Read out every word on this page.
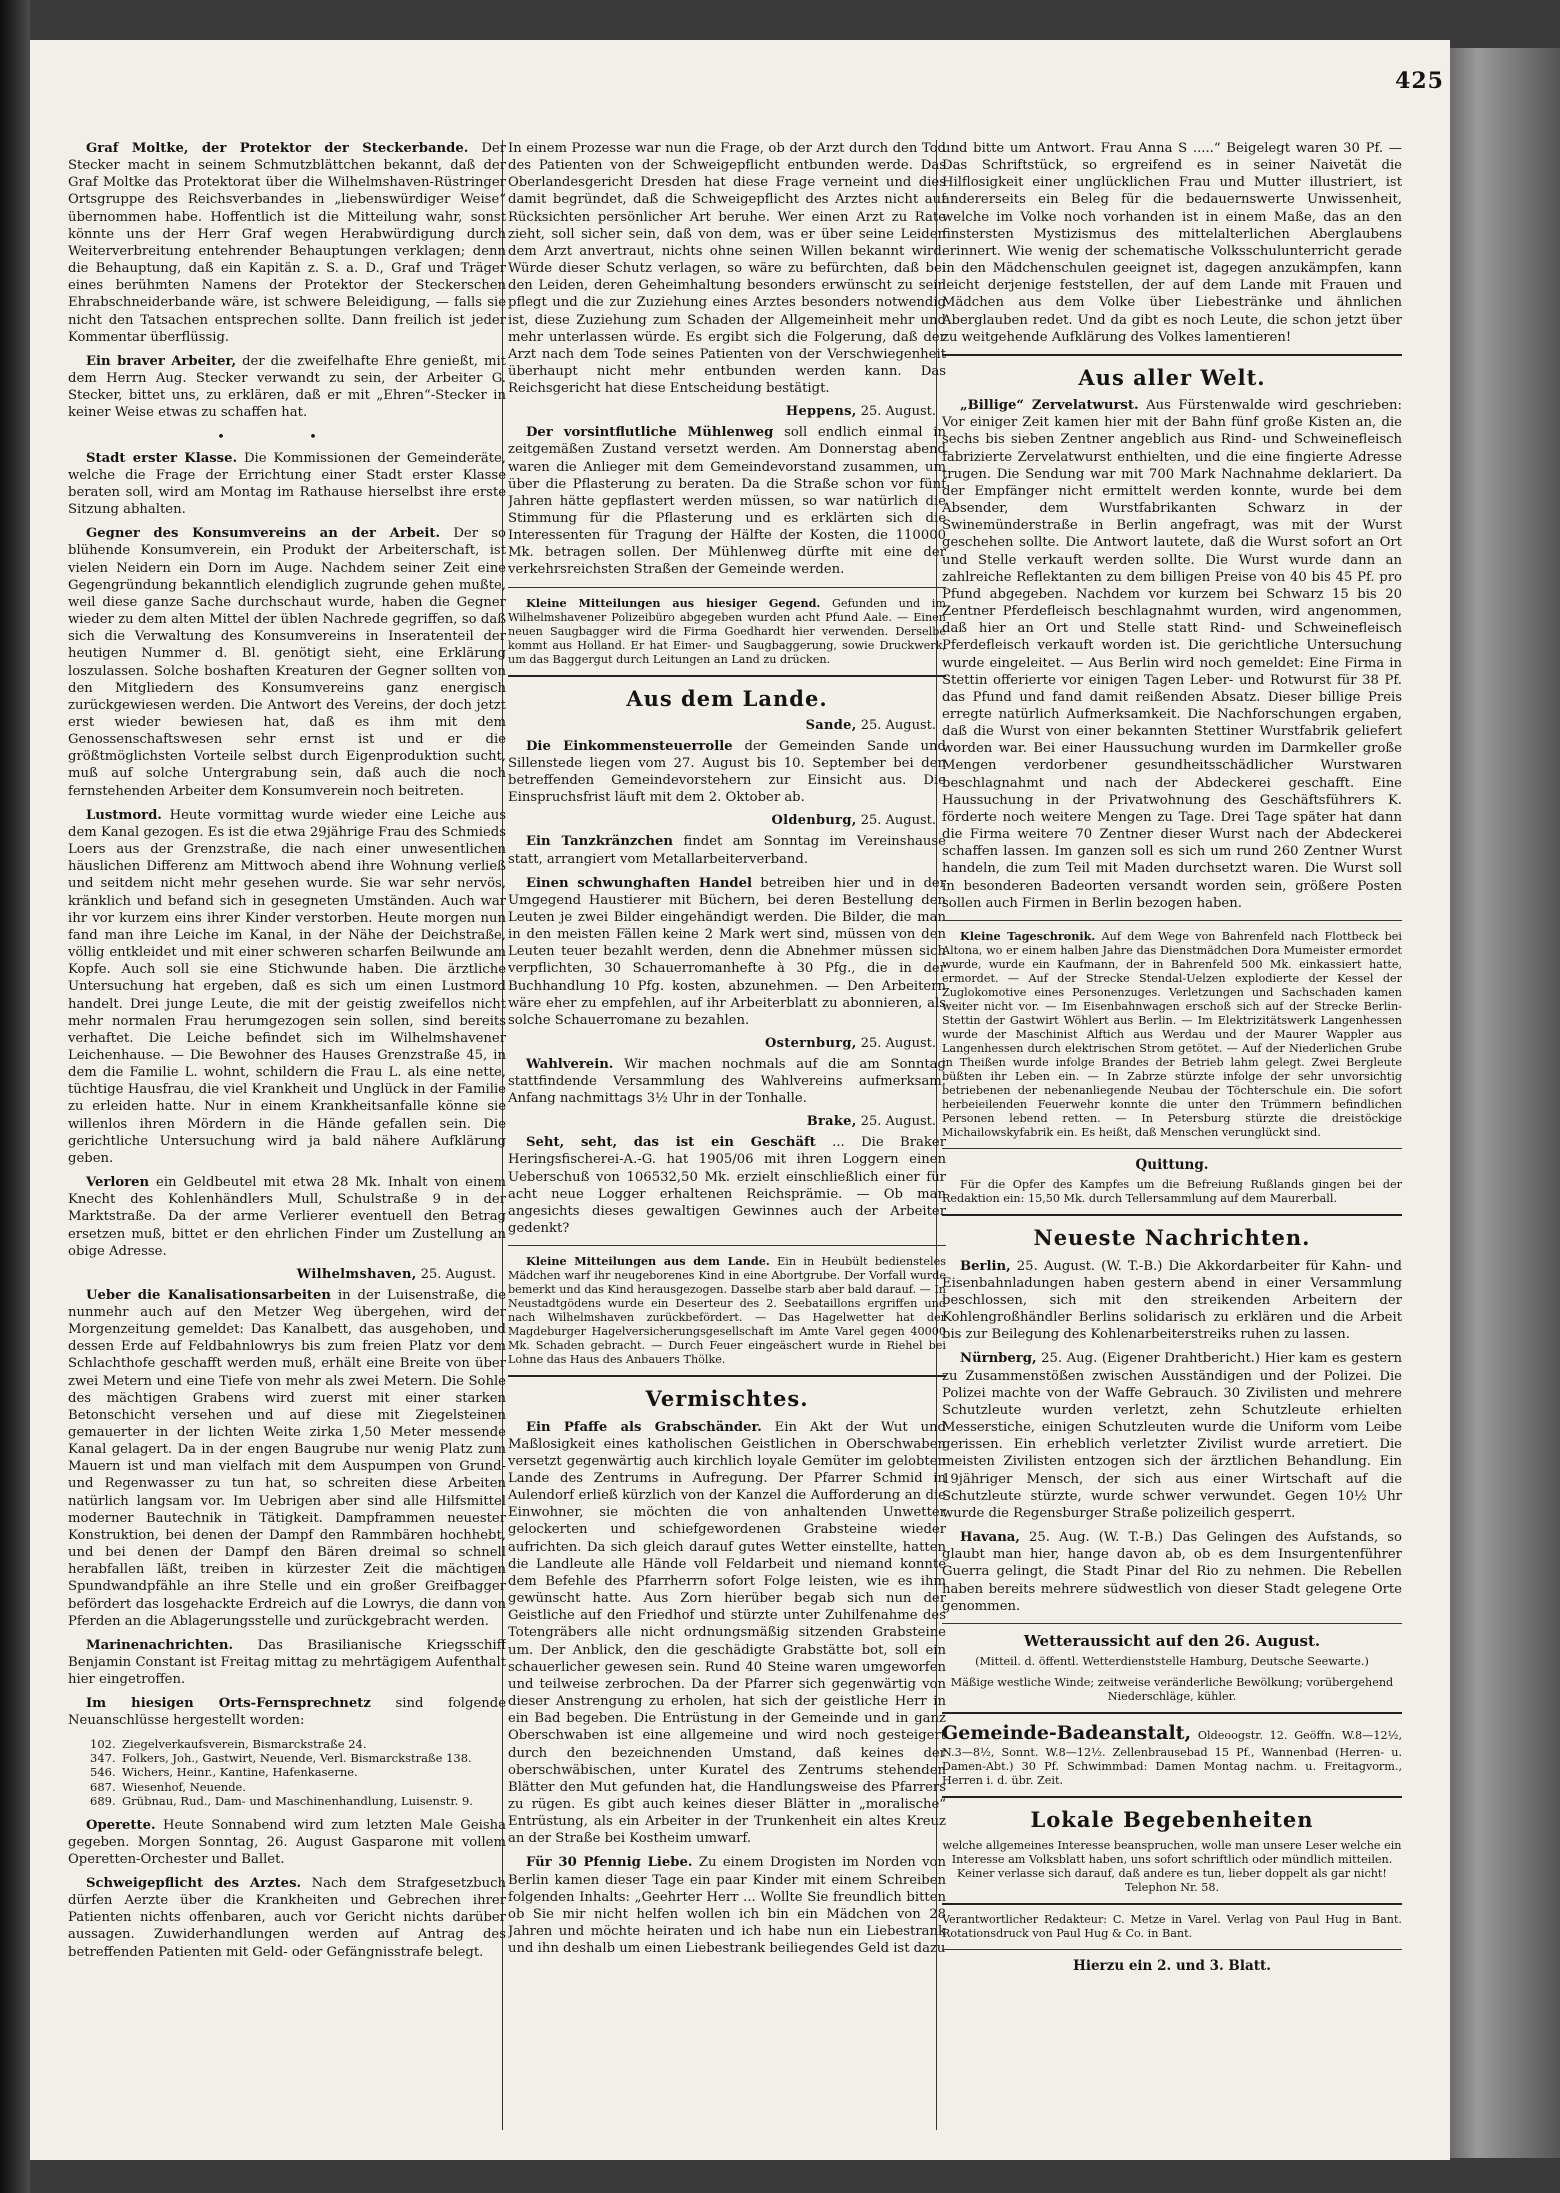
425

Graf Moltke, der Protektor der Steckerbande. Der Stecker macht in seinem Schmutzblättchen bekannt, daß der Graf Moltke das Protektorat über die Wilhelmshaven-Rüstringer Ortsgruppe des Reichsverbandes in „liebenswürdiger Weise“ übernommen habe. Hoffentlich ist die Mitteilung wahr, sonst könnte uns der Herr Graf wegen Herabwürdigung durch Weiterverbreitung entehrender Behauptungen verklagen; denn die Behauptung, daß ein Kapitän z. S. a. D., Graf und Träger eines berühmten Namens der Protektor der Steckerschen Ehrabschneiderbande wäre, ist schwere Beleidigung, — falls sie nicht den Tatsachen entsprechen sollte. Dann freilich ist jeder Kommentar überflüssig.

Ein braver Arbeiter, der die zweifelhafte Ehre genießt, mit dem Herrn Aug. Stecker verwandt zu sein, der Arbeiter G. Stecker, bittet uns, zu erklären, daß er mit „Ehren“-Stecker in keiner Weise etwas zu schaffen hat.

• •

Stadt erster Klasse. Die Kommissionen der Gemeinderäte, welche die Frage der Errichtung einer Stadt erster Klasse beraten soll, wird am Montag im Rathause hierselbst ihre erste Sitzung abhalten.

Gegner des Konsumvereins an der Arbeit. Der so blühende Konsumverein, ein Produkt der Arbeiterschaft, ist vielen Neidern ein Dorn im Auge. Nachdem seiner Zeit eine Gegengründung bekanntlich elendiglich zugrunde gehen mußte, weil diese ganze Sache durchschaut wurde, haben die Gegner wieder zu dem alten Mittel der üblen Nachrede gegriffen, so daß sich die Verwaltung des Konsumvereins in Inseratenteil der heutigen Nummer d. Bl. genötigt sieht, eine Erklärung loszulassen. Solche boshaften Kreaturen der Gegner sollten von den Mitgliedern des Konsumvereins ganz energisch zurückgewiesen werden. Die Antwort des Vereins, der doch jetzt erst wieder bewiesen hat, daß es ihm mit dem Genossenschaftswesen sehr ernst ist und er die größtmöglichsten Vorteile selbst durch Eigenproduktion sucht, muß auf solche Untergrabung sein, daß auch die noch fernstehenden Arbeiter dem Konsumverein noch beitreten.

Lustmord. Heute vormittag wurde wieder eine Leiche aus dem Kanal gezogen. Es ist die etwa 29jährige Frau des Schmieds Loers aus der Grenzstraße, die nach einer unwesentlichen häuslichen Differenz am Mittwoch abend ihre Wohnung verließ und seitdem nicht mehr gesehen wurde. Sie war sehr nervös, kränklich und befand sich in gesegneten Umständen. Auch war ihr vor kurzem eins ihrer Kinder verstorben. Heute morgen nun fand man ihre Leiche im Kanal, in der Nähe der Deichstraße, völlig entkleidet und mit einer schweren scharfen Beilwunde am Kopfe. Auch soll sie eine Stichwunde haben. Die ärztliche Untersuchung hat ergeben, daß es sich um einen Lustmord handelt. Drei junge Leute, die mit der geistig zweifellos nicht mehr normalen Frau herumgezogen sein sollen, sind bereits verhaftet. Die Leiche befindet sich im Wilhelmshavener Leichenhause. — Die Bewohner des Hauses Grenzstraße 45, in dem die Familie L. wohnt, schildern die Frau L. als eine nette, tüchtige Hausfrau, die viel Krankheit und Unglück in der Familie zu erleiden hatte. Nur in einem Krankheitsanfalle könne sie willenlos ihren Mördern in die Hände gefallen sein. Die gerichtliche Untersuchung wird ja bald nähere Aufklärung geben.

Verloren ein Geldbeutel mit etwa 28 Mk. Inhalt von einem Knecht des Kohlenhändlers Mull, Schulstraße 9 in der Marktstraße. Da der arme Verlierer eventuell den Betrag ersetzen muß, bittet er den ehrlichen Finder um Zustellung an obige Adresse.

Wilhelmshaven, 25. August.

Ueber die Kanalisationsarbeiten in der Luisenstraße, die nunmehr auch auf den Metzer Weg übergehen, wird der Morgenzeitung gemeldet: Das Kanalbett, das ausgehoben, und dessen Erde auf Feldbahnlowrys bis zum freien Platz vor dem Schlachthofe geschafft werden muß, erhält eine Breite von über zwei Metern und eine Tiefe von mehr als zwei Metern. Die Sohle des mächtigen Grabens wird zuerst mit einer starken Betonschicht versehen und auf diese mit Ziegelsteinen gemauerter in der lichten Weite zirka 1,50 Meter messende Kanal gelagert. Da in der engen Baugrube nur wenig Platz zum Mauern ist und man vielfach mit dem Auspumpen von Grund- und Regenwasser zu tun hat, so schreiten diese Arbeiten natürlich langsam vor. Im Uebrigen aber sind alle Hilfsmittel moderner Bautechnik in Tätigkeit. Dampframmen neuester Konstruktion, bei denen der Dampf den Rammbären hochhebt, und bei denen der Dampf den Bären dreimal so schnell herabfallen läßt, treiben in kürzester Zeit die mächtigen Spundwandpfähle an ihre Stelle und ein großer Greifbagger befördert das losgehackte Erdreich auf die Lowrys, die dann von Pferden an die Ablagerungsstelle und zurückgebracht werden.

Marinenachrichten. Das Brasilianische Kriegsschiff Benjamin Constant ist Freitag mittag zu mehrtägigem Aufenthalt hier eingetroffen.

Im hiesigen Orts-Fernsprechnetz sind folgende Neuanschlüsse hergestellt worden:

102. Ziegelverkaufsverein, Bismarckstraße 24.
347. Folkers, Joh., Gastwirt, Neuende, Verl. Bismarckstraße 138.
546. Wichers, Heinr., Kantine, Hafenkaserne.
687. Wiesenhof, Neuende.
689. Grübnau, Rud., Dam- und Maschinenhandlung, Luisenstr. 9.

Operette. Heute Sonnabend wird zum letzten Male Geisha gegeben. Morgen Sonntag, 26. August Gasparone mit vollem Operetten-Orchester und Ballet.

Schweigepflicht des Arztes. Nach dem Strafgesetzbuch dürfen Aerzte über die Krankheiten und Gebrechen ihrer Patienten nichts offenbaren, auch vor Gericht nichts darüber aussagen. Zuwiderhandlungen werden auf Antrag des betreffenden Patienten mit Geld- oder Gefängnisstrafe belegt.

In einem Prozesse war nun die Frage, ob der Arzt durch den Tod des Patienten von der Schweigepflicht entbunden werde. Das Oberlandesgericht Dresden hat diese Frage verneint und dies damit begründet, daß die Schweigepflicht des Arztes nicht auf Rücksichten persönlicher Art beruhe. Wer einen Arzt zu Rate zieht, soll sicher sein, daß von dem, was er über seine Leiden dem Arzt anvertraut, nichts ohne seinen Willen bekannt wird. Würde dieser Schutz verlagen, so wäre zu befürchten, daß bei den Leiden, deren Geheimhaltung besonders erwünscht zu sein pflegt und die zur Zuziehung eines Arztes besonders notwendig ist, diese Zuziehung zum Schaden der Allgemeinheit mehr und mehr unterlassen würde. Es ergibt sich die Folgerung, daß der Arzt nach dem Tode seines Patienten von der Verschwiegenheit überhaupt nicht mehr entbunden werden kann. Das Reichsgericht hat diese Entscheidung bestätigt.

Heppens, 25. August.

Der vorsintflutliche Mühlenweg soll endlich einmal in zeitgemäßen Zustand versetzt werden. Am Donnerstag abend waren die Anlieger mit dem Gemeindevorstand zusammen, um über die Pflasterung zu beraten. Da die Straße schon vor fünf Jahren hätte gepflastert werden müssen, so war natürlich die Stimmung für die Pflasterung und es erklärten sich die Interessenten für Tragung der Hälfte der Kosten, die 110000 Mk. betragen sollen. Der Mühlenweg dürfte mit eine der verkehrsreichsten Straßen der Gemeinde werden.

Kleine Mitteilungen aus hiesiger Gegend. Gefunden und im Wilhelmshavener Polizeibüro abgegeben wurden acht Pfund Aale. — Einen neuen Saugbagger wird die Firma Goedhardt hier verwenden. Derselbe kommt aus Holland. Er hat Eimer- und Saugbaggerung, sowie Druckwerk, um das Baggergut durch Leitungen an Land zu drücken.

Aus dem Lande.

Sande, 25. August.

Die Einkommensteuerrolle der Gemeinden Sande und Sillenstede liegen vom 27. August bis 10. September bei den betreffenden Gemeindevorstehern zur Einsicht aus. Die Einspruchsfrist läuft mit dem 2. Oktober ab.

Oldenburg, 25. August.

Ein Tanzkränzchen findet am Sonntag im Vereinshause statt, arrangiert vom Metallarbeiterverband.

Einen schwunghaften Handel betreiben hier und in der Umgegend Haustierer mit Büchern, bei deren Bestellung den Leuten je zwei Bilder eingehändigt werden. Die Bilder, die man in den meisten Fällen keine 2 Mark wert sind, müssen von den Leuten teuer bezahlt werden, denn die Abnehmer müssen sich verpflichten, 30 Schauerromanhefte à 30 Pfg., die in der Buchhandlung 10 Pfg. kosten, abzunehmen. — Den Arbeitern wäre eher zu empfehlen, auf ihr Arbeiterblatt zu abonnieren, als solche Schauerromane zu bezahlen.

Osternburg, 25. August.

Wahlverein. Wir machen nochmals auf die am Sonntag stattfindende Versammlung des Wahlvereins aufmerksam. Anfang nachmittags 3½ Uhr in der Tonhalle.

Brake, 25. August.

Seht, seht, das ist ein Geschäft ... Die Braker Heringsfischerei-A.-G. hat 1905/06 mit ihren Loggern einen Ueberschuß von 106532,50 Mk. erzielt einschließlich einer für acht neue Logger erhaltenen Reichsprämie. — Ob man angesichts dieses gewaltigen Gewinnes auch der Arbeiter gedenkt?

Kleine Mitteilungen aus dem Lande. Ein in Heubült bediensteles Mädchen warf ihr neugeborenes Kind in eine Abortgrube. Der Vorfall wurde bemerkt und das Kind herausgezogen. Dasselbe starb aber bald darauf. — In Neustadtgödens wurde ein Deserteur des 2. Seebataillons ergriffen und nach Wilhelmshaven zurückbefördert. — Das Hagelwetter hat der Magdeburger Hagelversicherungsgesellschaft im Amte Varel gegen 40000 Mk. Schaden gebracht. — Durch Feuer eingeäschert wurde in Riehel bei Lohne das Haus des Anbauers Thölke.

Vermischtes.

Ein Pfaffe als Grabschänder. Ein Akt der Wut und Maßlosigkeit eines katholischen Geistlichen in Oberschwaben versetzt gegenwärtig auch kirchlich loyale Gemüter im gelobten Lande des Zentrums in Aufregung. Der Pfarrer Schmid in Aulendorf erließ kürzlich von der Kanzel die Aufforderung an die Einwohner, sie möchten die von anhaltenden Unwetter gelockerten und schiefgewordenen Grabsteine wieder aufrichten. Da sich gleich darauf gutes Wetter einstellte, hatten die Landleute alle Hände voll Feldarbeit und niemand konnte dem Befehle des Pfarrherrn sofort Folge leisten, wie es ihm gewünscht hatte. Aus Zorn hierüber begab sich nun der Geistliche auf den Friedhof und stürzte unter Zuhilfenahme des Totengräbers alle nicht ordnungsmäßig sitzenden Grabsteine um. Der Anblick, den die geschädigte Grabstätte bot, soll ein schauerlicher gewesen sein. Rund 40 Steine waren umgeworfen und teilweise zerbrochen. Da der Pfarrer sich gegenwärtig von dieser Anstrengung zu erholen, hat sich der geistliche Herr in ein Bad begeben. Die Entrüstung in der Gemeinde und in ganz Oberschwaben ist eine allgemeine und wird noch gesteigert durch den bezeichnenden Umstand, daß keines der oberschwäbischen, unter Kuratel des Zentrums stehenden Blätter den Mut gefunden hat, die Handlungsweise des Pfarrers zu rügen. Es gibt auch keines dieser Blätter in „moralische“ Entrüstung, als ein Arbeiter in der Trunkenheit ein altes Kreuz an der Straße bei Kostheim umwarf.

Für 30 Pfennig Liebe. Zu einem Drogisten im Norden von Berlin kamen dieser Tage ein paar Kinder mit einem Schreiben folgenden Inhalts: „Geehrter Herr ... Wollte Sie freundlich bitten ob Sie mir nicht helfen wollen ich bin ein Mädchen von 28 Jahren und möchte heiraten und ich habe nun ein Liebestrank und ihn deshalb um einen Liebestrank beiliegendes Geld ist dazu

und bitte um Antwort. Frau Anna S .....“ Beigelegt waren 30 Pf. — Das Schriftstück, so ergreifend es in seiner Naivetät die Hilflosigkeit einer unglücklichen Frau und Mutter illustriert, ist andererseits ein Beleg für die bedauernswerte Unwissenheit, welche im Volke noch vorhanden ist in einem Maße, das an den finstersten Mystizismus des mittelalterlichen Aberglaubens erinnert. Wie wenig der schematische Volksschulunterricht gerade in den Mädchenschulen geeignet ist, dagegen anzukämpfen, kann leicht derjenige feststellen, der auf dem Lande mit Frauen und Mädchen aus dem Volke über Liebestränke und ähnlichen Aberglauben redet. Und da gibt es noch Leute, die schon jetzt über zu weitgehende Aufklärung des Volkes lamentieren!

Aus aller Welt.

„Billige“ Zervelatwurst. Aus Fürstenwalde wird geschrieben: Vor einiger Zeit kamen hier mit der Bahn fünf große Kisten an, die sechs bis sieben Zentner angeblich aus Rind- und Schweinefleisch fabrizierte Zervelatwurst enthielten, und die eine fingierte Adresse trugen. Die Sendung war mit 700 Mark Nachnahme deklariert. Da der Empfänger nicht ermittelt werden konnte, wurde bei dem Absender, dem Wurstfabrikanten Schwarz in der Swinemünderstraße in Berlin angefragt, was mit der Wurst geschehen sollte. Die Antwort lautete, daß die Wurst sofort an Ort und Stelle verkauft werden sollte. Die Wurst wurde dann an zahlreiche Reflektanten zu dem billigen Preise von 40 bis 45 Pf. pro Pfund abgegeben. Nachdem vor kurzem bei Schwarz 15 bis 20 Zentner Pferdefleisch beschlagnahmt wurden, wird angenommen, daß hier an Ort und Stelle statt Rind- und Schweinefleisch Pferdefleisch verkauft worden ist. Die gerichtliche Untersuchung wurde eingeleitet. — Aus Berlin wird noch gemeldet: Eine Firma in Stettin offerierte vor einigen Tagen Leber- und Rotwurst für 38 Pf. das Pfund und fand damit reißenden Absatz. Dieser billige Preis erregte natürlich Aufmerksamkeit. Die Nachforschungen ergaben, daß die Wurst von einer bekannten Stettiner Wurstfabrik geliefert worden war. Bei einer Haussuchung wurden im Darmkeller große Mengen verdorbener gesundheitsschädlicher Wurstwaren beschlagnahmt und nach der Abdeckerei geschafft. Eine Haussuchung in der Privatwohnung des Geschäftsführers K. förderte noch weitere Mengen zu Tage. Drei Tage später hat dann die Firma weitere 70 Zentner dieser Wurst nach der Abdeckerei schaffen lassen. Im ganzen soll es sich um rund 260 Zentner Wurst handeln, die zum Teil mit Maden durchsetzt waren. Die Wurst soll in besonderen Badeorten versandt worden sein, größere Posten sollen auch Firmen in Berlin bezogen haben.

Kleine Tageschronik. Auf dem Wege von Bahrenfeld nach Flottbeck bei Altona, wo er einem halben Jahre das Dienstmädchen Dora Mumeister ermordet wurde, wurde ein Kaufmann, der in Bahrenfeld 500 Mk. einkassiert hatte, ermordet. — Auf der Strecke Stendal-Uelzen explodierte der Kessel der Zuglokomotive eines Personenzuges. Verletzungen und Sachschaden kamen weiter nicht vor. — Im Eisenbahnwagen erschoß sich auf der Strecke Berlin-Stettin der Gastwirt Wöhlert aus Berlin. — Im Elektrizitätswerk Langenhessen wurde der Maschinist Alftich aus Werdau und der Maurer Wappler aus Langenhessen durch elektrischen Strom getötet. — Auf der Niederlichen Grube in Theißen wurde infolge Brandes der Betrieb lahm gelegt. Zwei Bergleute büßten ihr Leben ein. — In Zabrze stürzte infolge der sehr unvorsichtig betriebenen der nebenanliegende Neubau der Töchterschule ein. Die sofort herbeieilenden Feuerwehr konnte die unter den Trümmern befindlichen Personen lebend retten. — In Petersburg stürzte die dreistöckige Michailowskyfabrik ein. Es heißt, daß Menschen verunglückt sind.

Quittung.

Für die Opfer des Kampfes um die Befreiung Rußlands gingen bei der Redaktion ein: 15,50 Mk. durch Tellersammlung auf dem Maurerball.

Neueste Nachrichten.

Berlin, 25. August. (W. T.-B.) Die Akkordarbeiter für Kahn- und Eisenbahnladungen haben gestern abend in einer Versammlung beschlossen, sich mit den streikenden Arbeitern der Kohlengroßhändler Berlins solidarisch zu erklären und die Arbeit bis zur Beilegung des Kohlenarbeiterstreiks ruhen zu lassen.

Nürnberg, 25. Aug. (Eigener Drahtbericht.) Hier kam es gestern zu Zusammenstößen zwischen Ausständigen und der Polizei. Die Polizei machte von der Waffe Gebrauch. 30 Zivilisten und mehrere Schutzleute wurden verletzt, zehn Schutzleute erhielten Messerstiche, einigen Schutzleuten wurde die Uniform vom Leibe gerissen. Ein erheblich verletzter Zivilist wurde arretiert. Die meisten Zivilisten entzogen sich der ärztlichen Behandlung. Ein 19jähriger Mensch, der sich aus einer Wirtschaft auf die Schutzleute stürzte, wurde schwer verwundet. Gegen 10½ Uhr wurde die Regensburger Straße polizeilich gesperrt.

Havana, 25. Aug. (W. T.-B.) Das Gelingen des Aufstands, so glaubt man hier, hange davon ab, ob es dem Insurgentenführer Guerra gelingt, die Stadt Pinar del Rio zu nehmen. Die Rebellen haben bereits mehrere südwestlich von dieser Stadt gelegene Orte genommen.

Wetteraussicht auf den 26. August.

(Mitteil. d. öffentl. Wetterdienststelle Hamburg, Deutsche Seewarte.)

Mäßige westliche Winde; zeitweise veränderliche Bewölkung; vorübergehend Niederschläge, kühler.

Gemeinde-Badeanstalt, Oldeoogstr. 12. Geöffn. W.8—12½, N.3—8½, Sonnt. W.8—12½. Zellenbrausebad 15 Pf., Wannenbad (Herren- u. Damen-Abt.) 30 Pf. Schwimmbad: Damen Montag nachm. u. Freitagvorm., Herren i. d. übr. Zeit.

Lokale Begebenheiten

welche allgemeines Interesse beanspruchen, wolle man unsere Leser welche ein Interesse am Volksblatt haben, uns sofort schriftlich oder mündlich mitteilen. Keiner verlasse sich darauf, daß andere es tun, lieber doppelt als gar nicht! Telephon Nr. 58.

Verantwortlicher Redakteur: C. Metze in Varel. Verlag von Paul Hug in Bant. Rotationsdruck von Paul Hug & Co. in Bant.

Hierzu ein 2. und 3. Blatt.
